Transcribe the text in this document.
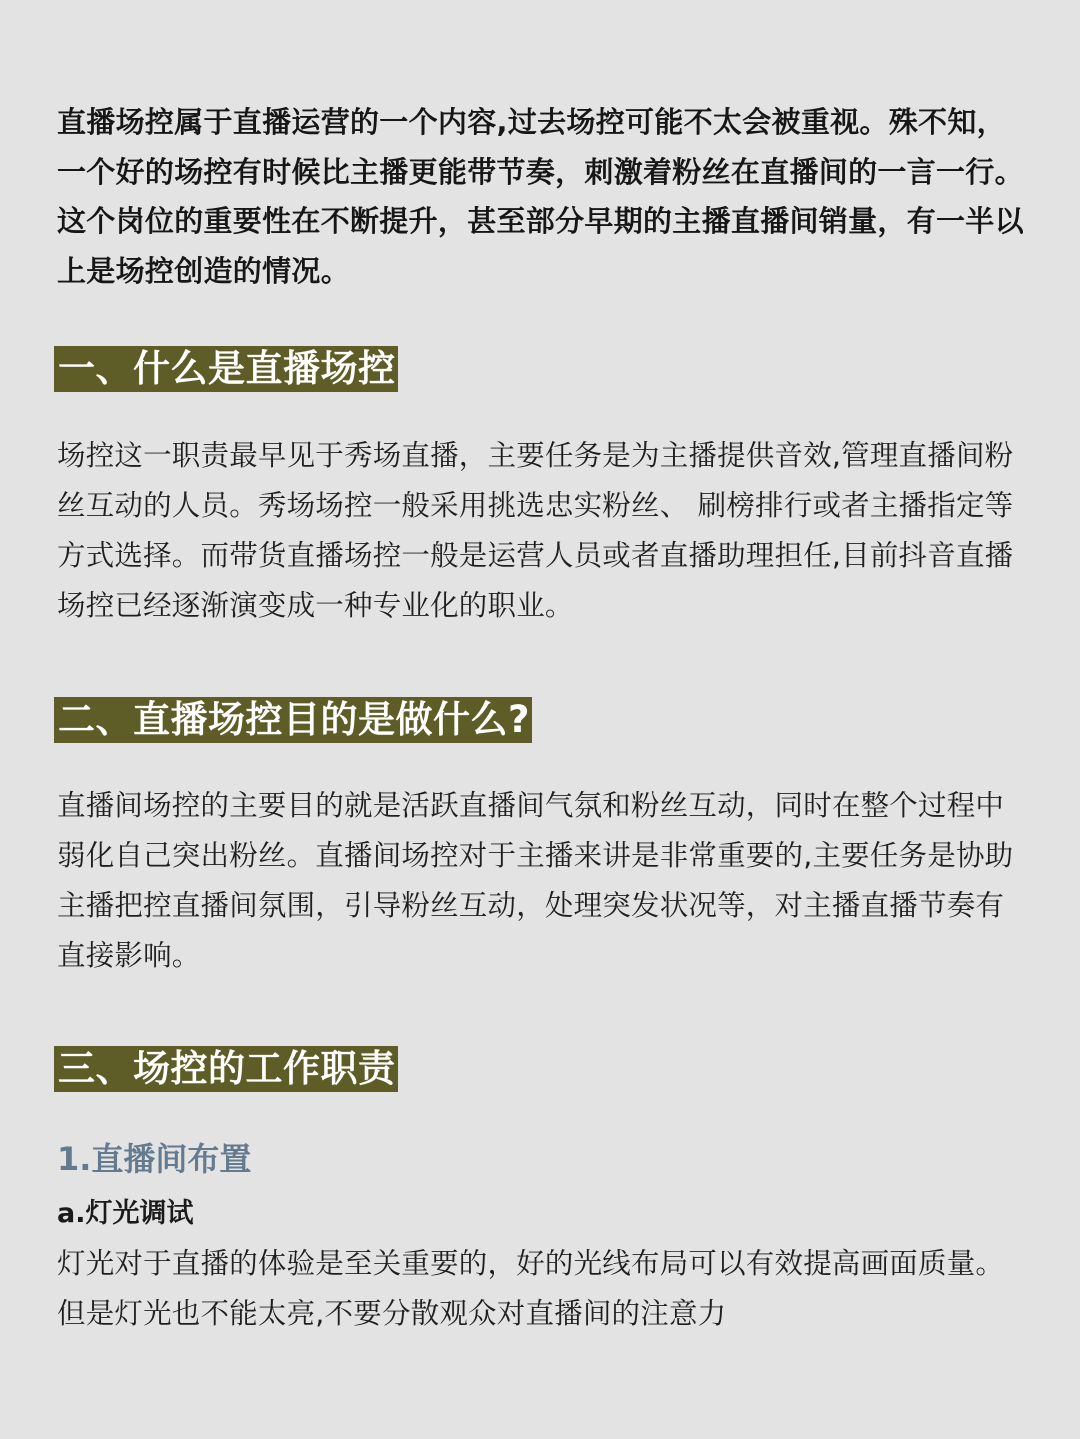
直播场控属于直播运营的一个内容,过去场控可能不太会被重视。殊不知，一个好的场控有时候比主播更能带节奏，刺激着粉丝在直播间的一言一行。这个岗位的重要性在不断提升，甚至部分早期的主播直播间销量，有一半以上是场控创造的情况。

一、什么是直播场控

场控这一职责最早见于秀场直播，主要任务是为主播提供音效,管理直播间粉丝互动的人员。秀场场控一般采用挑选忠实粉丝、 刷榜排行或者主播指定等方式选择。而带货直播场控一般是运营人员或者直播助理担任,目前抖音直播场控已经逐渐演变成一种专业化的职业。

二、直播场控目的是做什么?

直播间场控的主要目的就是活跃直播间气氛和粉丝互动，同时在整个过程中弱化自己突出粉丝。直播间场控对于主播来讲是非常重要的,主要任务是协助主播把控直播间氛围，引导粉丝互动，处理突发状况等，对主播直播节奏有直接影响。

三、场控的工作职责
1.直播间布置
a.灯光调试

灯光对于直播的体验是至关重要的，好的光线布局可以有效提高画面质量。但是灯光也不能太亮,不要分散观众对直播间的注意力
